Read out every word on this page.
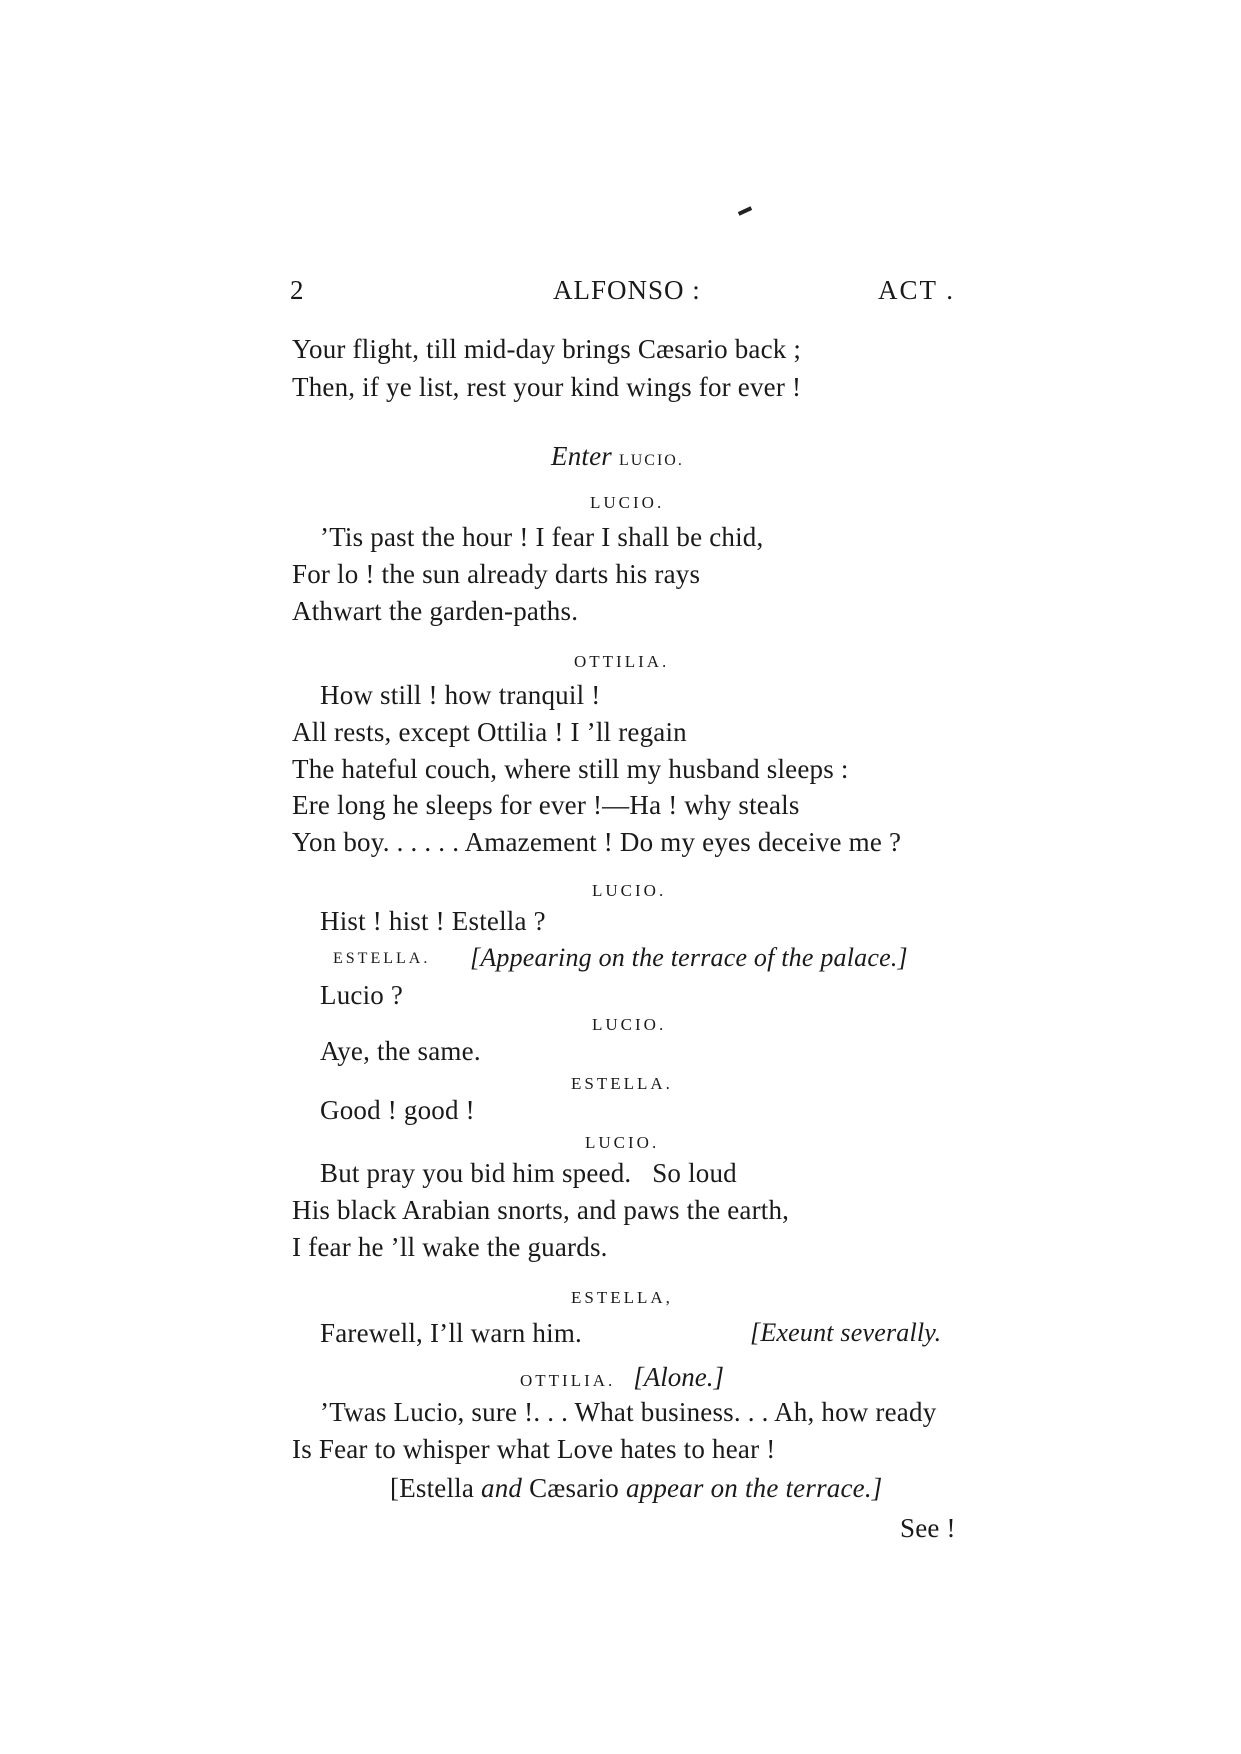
2	ALFONSO :	ACT .
Your flight, till mid-day brings Cæsario back ;
Then, if ye list, rest your kind wings for ever !
Enter LUCIO.
LUCIO.
’Tis past the hour ! I fear I shall be chid,
For lo ! the sun already darts his rays
Athwart the garden-paths.
OTTILIA.
How still ! how tranquil !
All rests, except Ottilia ! I ’ll regain
The hateful couch, where still my husband sleeps :
Ere long he sleeps for ever !—Ha ! why steals
Yon boy. . . . . . Amazement ! Do my eyes deceive me ?
LUCIO.
Hist ! hist ! Estella ?
ESTELLA. [Appearing on the terrace of the palace.]
Lucio ?
LUCIO.
Aye, the same.
ESTELLA.
Good ! good !
LUCIO.
But pray you bid him speed.   So loud
His black Arabian snorts, and paws the earth,
I fear he ’ll wake the guards.
ESTELLA,
Farewell, I’ll warn him.	[Exeunt severally.
OTTILIA. [Alone.]
’Twas Lucio, sure !. . . What business. . . Ah, how ready
Is Fear to whisper what Love hates to hear !
[Estella and Cæsario appear on the terrace.]
See !
